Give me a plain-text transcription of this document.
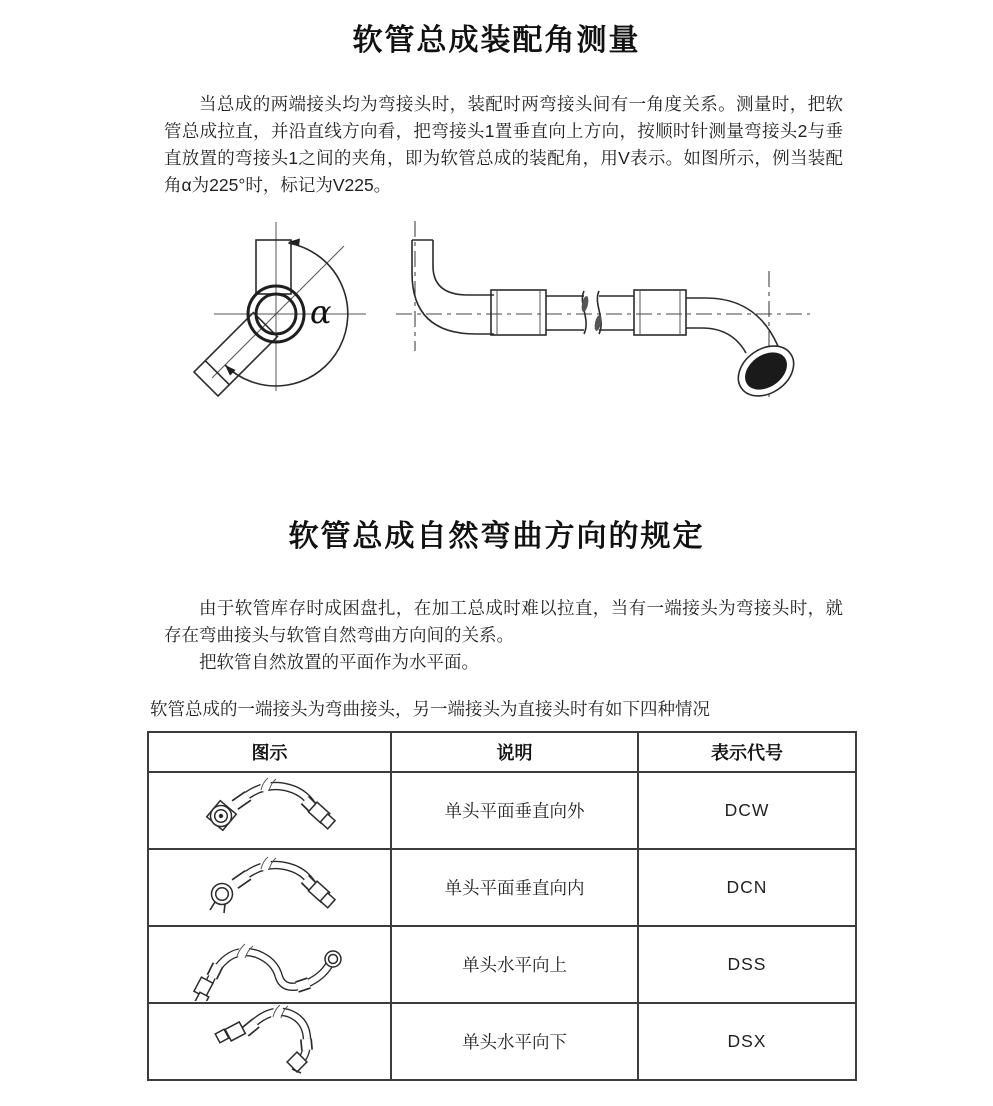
软管总成装配角测量

当总成的两端接头均为弯接头时，装配时两弯接头间有一角度关系。测量时，把软管总成拉直，并沿直线方向看，把弯接头1置垂直向上方向，按顺时针测量弯接头2与垂直放置的弯接头1之间的夹角，即为软管总成的装配角，用V表示。如图所示，例当装配角α为225°时，标记为V225。

α
软管总成自然弯曲方向的规定

由于软管库存时成困盘扎，在加工总成时难以拉直，当有一端接头为弯接头时，就存在弯曲接头与软管自然弯曲方向间的关系。

把软管自然放置的平面作为水平面。

软管总成的一端接头为弯曲接头，另一端接头为直接头时有如下四种情况

图示	说明	表示代号

	单头平面垂直向外	DCW

	单头平面垂直向内	DCN

	单头水平向上	DSS

	单头水平向下	DSX
